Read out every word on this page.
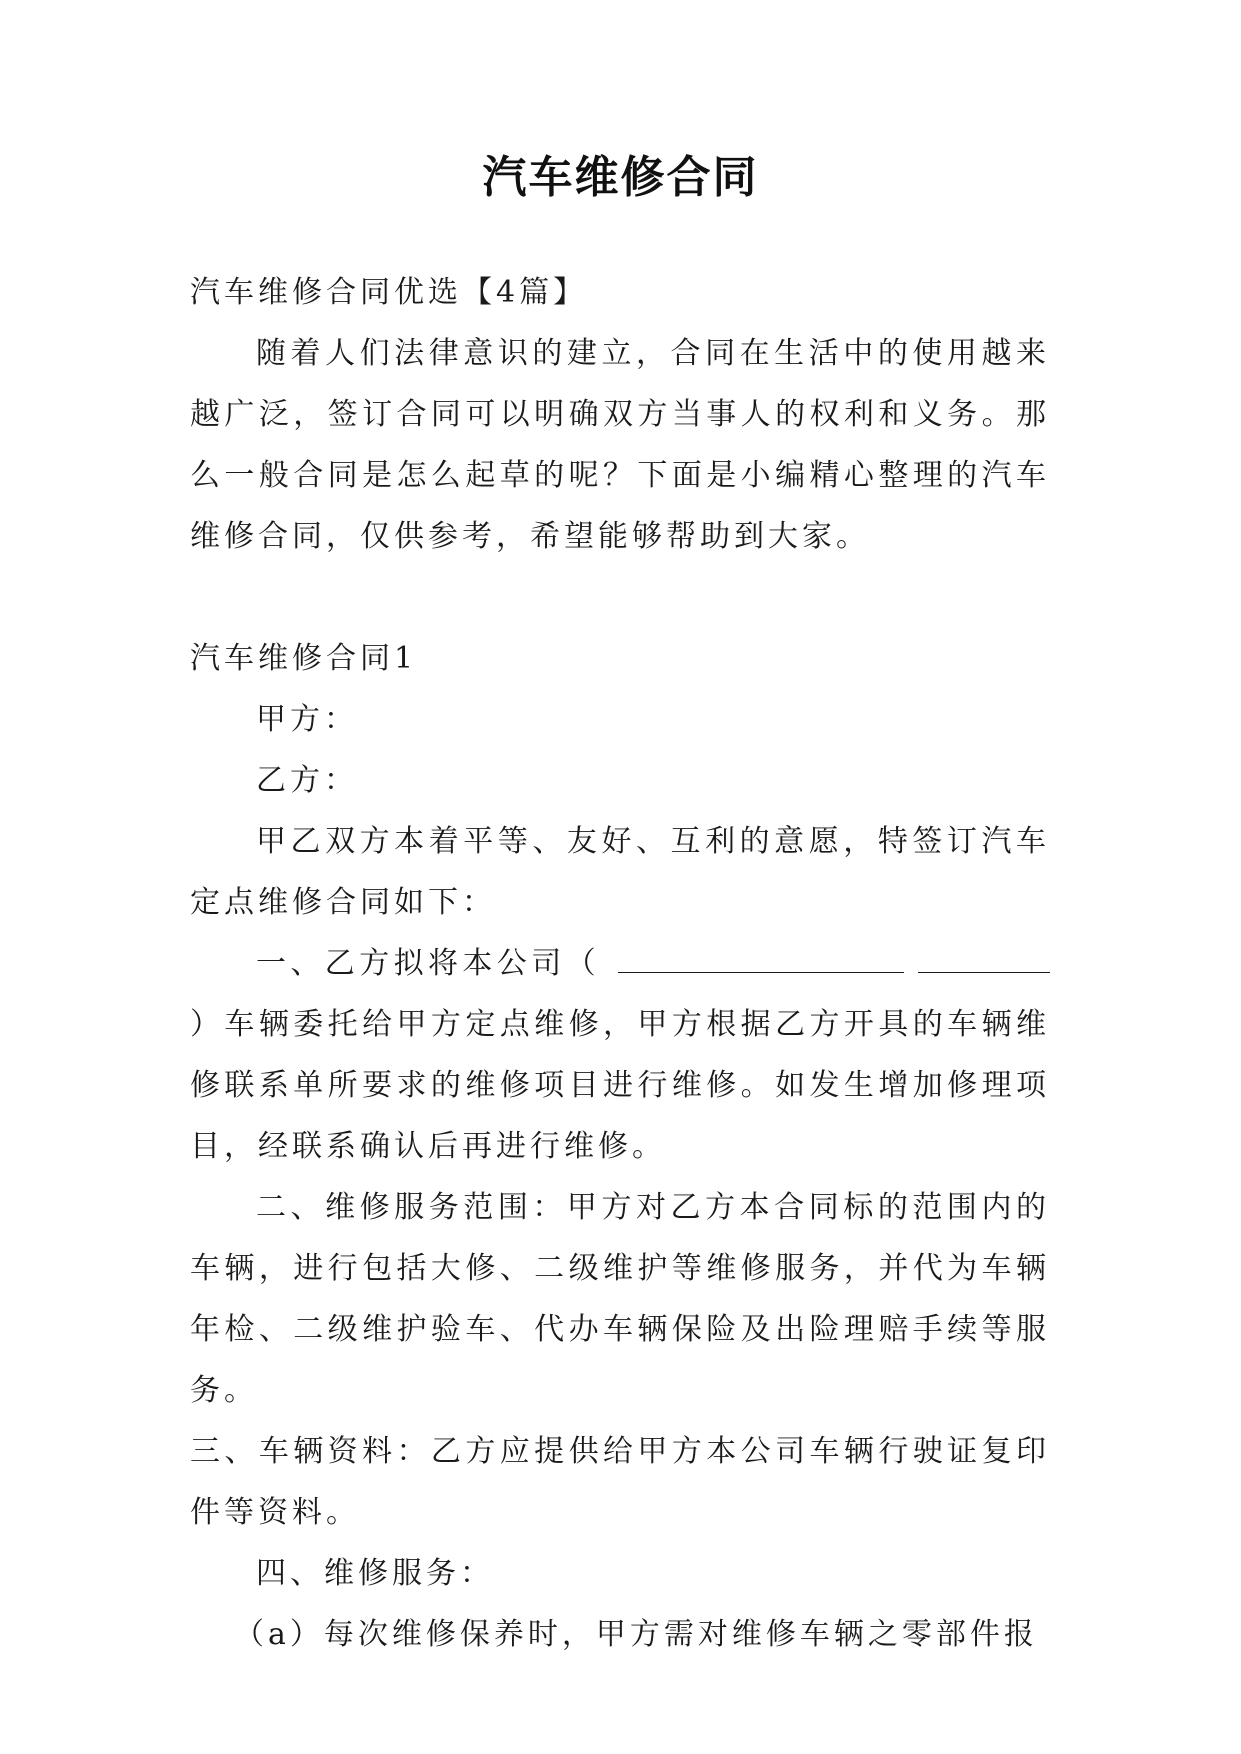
汽车维修合同

汽车维修合同优选【4篇】

随着人们法律意识的建立，合同在生活中的使用越来越广泛，签订合同可以明确双方当事人的权利和义务。那么一般合同是怎么起草的呢？下面是小编精心整理的汽车维修合同，仅供参考，希望能够帮助到大家。

汽车维修合同1

甲方：

乙方：

甲乙双方本着平等、友好、互利的意愿，特签订汽车定点维修合同如下：

一、乙方拟将本公司（）车辆委托给甲方定点维修，甲方根据乙方开具的车辆维修联系单所要求的维修项目进行维修。如发生增加修理项目，经联系确认后再进行维修。

二、维修服务范围：甲方对乙方本合同标的范围内的车辆，进行包括大修、二级维护等维修服务，并代为车辆年检、二级维护验车、代办车辆保险及出险理赔手续等服务。

三、车辆资料：乙方应提供给甲方本公司车辆行驶证复印件等资料。

四、维修服务：

（a）每次维修保养时，甲方需对维修车辆之零部件报
